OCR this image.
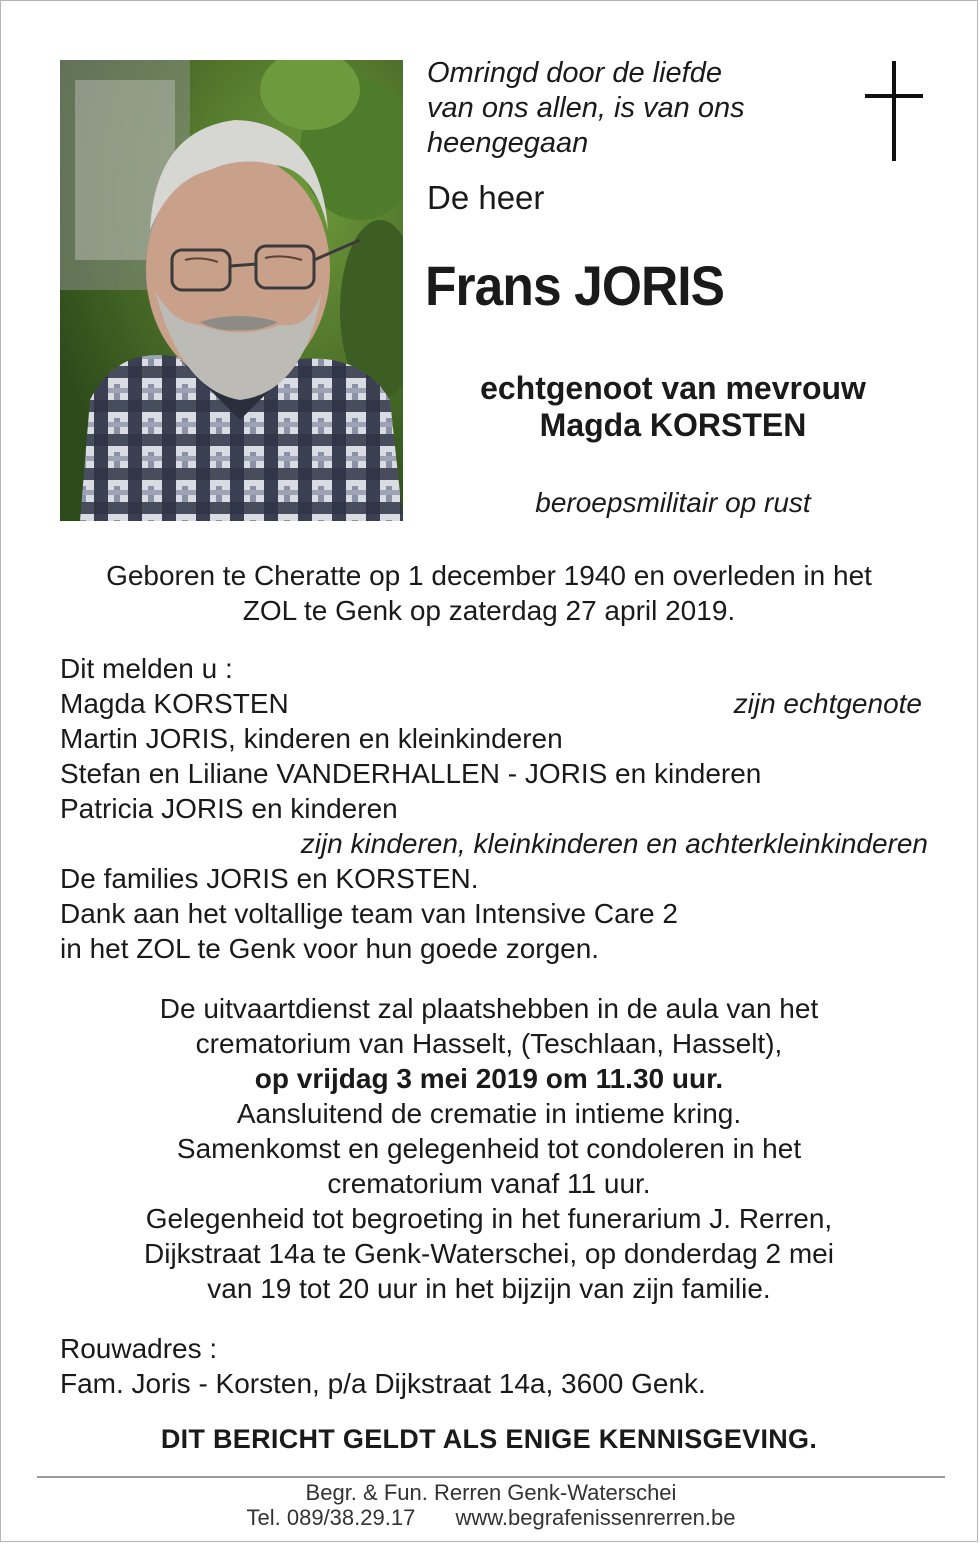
Omringd door de liefde
van ons allen, is van ons
heengegaan
De heer
Frans JORIS
echtgenoot van mevrouw
Magda KORSTEN
beroepsmilitair op rust
Geboren te Cheratte op 1 december 1940 en overleden in het
ZOL te Genk op zaterdag 27 april 2019.
Dit melden u :
Magda KORSTEN	zijn echtgenote
Martin JORIS, kinderen en kleinkinderen
Stefan en Liliane VANDERHALLEN - JORIS en kinderen
Patricia JORIS en kinderen
zijn kinderen, kleinkinderen en achterkleinkinderen
De families JORIS en KORSTEN.
Dank aan het voltallige team van Intensive Care 2
in het ZOL te Genk voor hun goede zorgen.
De uitvaartdienst zal plaatshebben in de aula van het
crematorium van Hasselt, (Teschlaan, Hasselt),
op vrijdag 3 mei 2019 om 11.30 uur.
Aansluitend de crematie in intieme kring.
Samenkomst en gelegenheid tot condoleren in het
crematorium vanaf 11 uur.
Gelegenheid tot begroeting in het funerarium J. Rerren,
Dijkstraat 14a te Genk-Waterschei, op donderdag 2 mei
van 19 tot 20 uur in het bijzijn van zijn familie.
Rouwadres :
Fam. Joris - Korsten, p/a Dijkstraat 14a, 3600 Genk.
DIT BERICHT GELDT ALS ENIGE KENNISGEVING.
Begr. & Fun. Rerren Genk-Waterschei
Tel. 089/38.29.17 www.begrafenissenrerren.be
